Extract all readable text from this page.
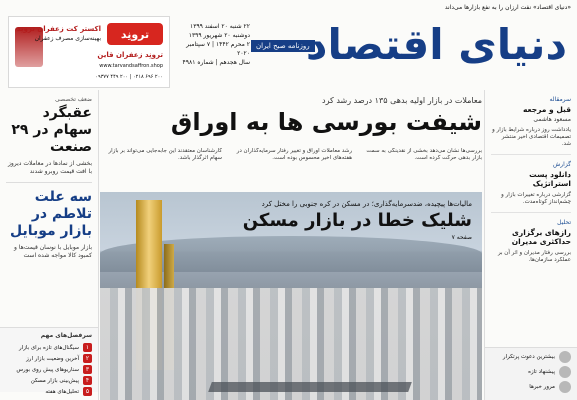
«دنیای اقتصاد» نفت ارزان را به نفع بازارها می‌داند
ترونِد
اکستر کت زعفران ترونِد
بهینه‌سازی مصرف زعفران
ترونِد زعفران قاین
www.tarvandsaffron.shop
۰۹۳۷۷ ۴۴۹ ۲۰۰ | ۰۲۱۸ ۶۹۶ ۲۰۰
۲۲ شنبه ۲۰ اسفند ۱۳۹۹
دوشنبه ۲۰ شهریور ۱۳۹۹
۲ محرم ۱۴۴۲ | ۷ سپتامبر ۲۰۲۰
سال هجدهم | شماره ۴۹۸۱
روزنامه صبح ایران
دنیای اقتصاد
ضعف تخصصی
عقبگرد سهام در ۲۹ صنعت
بخشی از نمادها در معاملات دیروز با افت قیمت روبرو شدند
سه علت تلاطم در بازار موبایل
بازار موبایل با نوسان قیمت‌ها و کمبود کالا مواجه شده است
سرفصل‌های مهم
۱
سیگنال‌های تازه برای بازار
۲
آخرین وضعیت بازار ارز
۳
سناریوهای پیش روی بورس
۴
پیش‌بینی بازار مسکن
۵
تحلیل‌های هفته
معاملات در بازار اولیه بدهی ۱۳۵ درصد رشد کرد
شیفت بورسی ها به اوراق
بررسی‌ها نشان می‌دهد بخشی از نقدینگی به سمت بازار بدهی حرکت کرده است.
رشد معاملات اوراق و تغییر رفتار سرمایه‌گذاران در هفته‌های اخیر محسوس بوده است.
کارشناسان معتقدند این جابه‌جایی می‌تواند بر بازار سهام اثرگذار باشد.
مالیات‌ها پیچیده، ضد‌سرمایه‌گذاری؛ در مسکن در کره جنوبی را مختل کرد
شلیک خطا در بازار مسکن
صفحه ۷
سرمقاله
قبل و مرجعه
مسعود هاشمی
یادداشت روز درباره شرایط بازار و تصمیمات اقتصادی اخیر منتشر شد.
گزارش
دانلود پست استراتژیک
گزارشی درباره تغییرات بازار و چشم‌انداز کوتاه‌مدت.
تحلیل
رازهای برگزاری حداکثری مدیران
بررسی رفتار مدیران و اثر آن بر عملکرد سازمان‌ها.
بیشترین دعوت پرتکرار
پیشنهاد تازه
مرور خبرها
